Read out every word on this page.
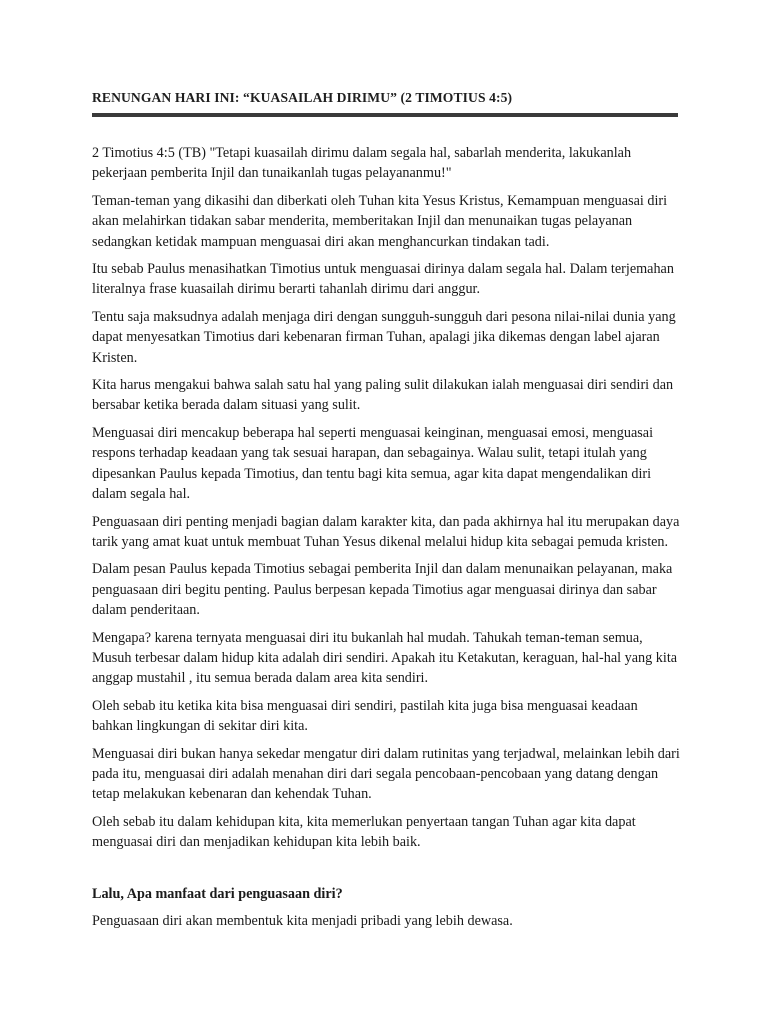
RENUNGAN HARI INI: “KUASAILAH DIRIMU” (2 TIMOTIUS 4:5)

2 Timotius 4:5 (TB) "Tetapi kuasailah dirimu dalam segala hal, sabarlah menderita, lakukanlah pekerjaan pemberita Injil dan tunaikanlah tugas pelayananmu!"

Teman-teman yang dikasihi dan diberkati oleh Tuhan kita Yesus Kristus, Kemampuan menguasai diri akan melahirkan tidakan sabar menderita, memberitakan Injil dan menunaikan tugas pelayanan sedangkan ketidak mampuan menguasai diri akan menghancurkan tindakan tadi.

Itu sebab Paulus menasihatkan Timotius untuk menguasai dirinya dalam segala hal. Dalam terjemahan literalnya frase kuasailah dirimu berarti tahanlah dirimu dari anggur.

Tentu saja maksudnya adalah menjaga diri dengan sungguh-sungguh dari pesona nilai-nilai dunia yang dapat menyesatkan Timotius dari kebenaran firman Tuhan, apalagi jika dikemas dengan label ajaran Kristen.

Kita harus mengakui bahwa salah satu hal yang paling sulit dilakukan ialah menguasai diri sendiri dan bersabar ketika berada dalam situasi yang sulit.

Menguasai diri mencakup beberapa hal seperti menguasai keinginan, menguasai emosi, menguasai respons terhadap keadaan yang tak sesuai harapan, dan sebagainya. Walau sulit, tetapi itulah yang dipesankan Paulus kepada Timotius, dan tentu bagi kita semua, agar kita dapat mengendalikan diri dalam segala hal.

Penguasaan diri penting menjadi bagian dalam karakter kita, dan pada akhirnya hal itu merupakan daya tarik yang amat kuat untuk membuat Tuhan Yesus dikenal melalui hidup kita sebagai pemuda kristen.

Dalam pesan Paulus kepada Timotius sebagai pemberita Injil dan dalam menunaikan pelayanan, maka penguasaan diri begitu penting. Paulus berpesan kepada Timotius agar menguasai dirinya dan sabar dalam penderitaan.

Mengapa? karena ternyata menguasai diri itu bukanlah hal mudah. Tahukah teman-teman semua, Musuh terbesar dalam hidup kita adalah diri sendiri. Apakah itu Ketakutan, keraguan, hal-hal yang kita anggap mustahil , itu semua berada dalam area kita sendiri.

Oleh sebab itu ketika kita bisa menguasai diri sendiri, pastilah kita juga bisa menguasai keadaan bahkan lingkungan di sekitar diri kita.

Menguasai diri bukan hanya sekedar mengatur diri dalam rutinitas yang terjadwal, melainkan lebih dari pada itu, menguasai diri adalah menahan diri dari segala pencobaan-pencobaan yang datang dengan tetap melakukan kebenaran dan kehendak Tuhan.

Oleh sebab itu dalam kehidupan kita, kita memerlukan penyertaan tangan Tuhan agar kita dapat menguasai diri dan menjadikan kehidupan kita lebih baik.

Lalu, Apa manfaat dari penguasaan diri?

Penguasaan diri akan membentuk kita menjadi pribadi yang lebih dewasa.
